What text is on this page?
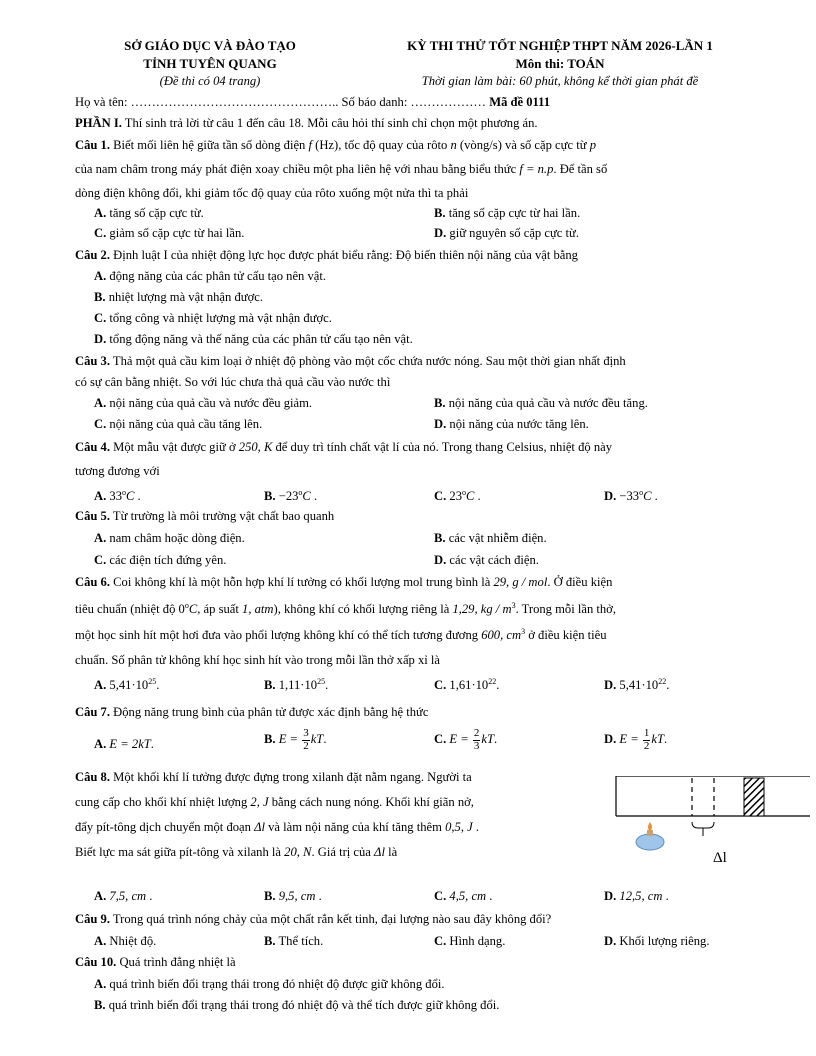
SỞ GIÁO DỤC VÀ ĐÀO TẠO
TỈNH TUYÊN QUANG
(Đề thi có 04 trang)
KỲ THI THỬ TỐT NGHIỆP THPT NĂM 2026-LẦN 1
Môn thi: TOÁN
Thời gian làm bài: 60 phút, không kể thời gian phát đề
Họ và tên: ………………………………………….. Số báo danh: ……………… Mã đề 0111
PHẦN I. Thí sinh trả lời từ câu 1 đến câu 18. Mỗi câu hỏi thí sinh chỉ chọn một phương án.
Câu 1. Biết mối liên hệ giữa tần số dòng điện f (Hz), tốc độ quay của rôto n (vòng/s) và số cặp cực từ p
của nam châm trong máy phát điện xoay chiều một pha liên hệ với nhau bằng biểu thức f = n.p. Để tần số
dòng điện không đổi, khi giảm tốc độ quay của rôto xuống một nửa thì ta phải
A. tăng số cặp cực từ.	B. tăng số cặp cực từ hai lần.
C. giảm số cặp cực từ hai lần.	D. giữ nguyên số cặp cực từ.
Câu 2. Định luật I của nhiệt động lực học được phát biểu rằng: Độ biến thiên nội năng của vật bằng
A. động năng của các phân tử cấu tạo nên vật.
B. nhiệt lượng mà vật nhận được.
C. tổng công và nhiệt lượng mà vật nhận được.
D. tổng động năng và thế năng của các phân tử cấu tạo nên vật.
Câu 3. Thả một quả cầu kim loại ở nhiệt độ phòng vào một cốc chứa nước nóng. Sau một thời gian nhất định
có sự cân bằng nhiệt. So với lúc chưa thả quả cầu vào nước thì
A. nội năng của quả cầu và nước đều giảm.	B. nội năng của quả cầu và nước đều tăng.
C. nội năng của quả cầu tăng lên.	D. nội năng của nước tăng lên.
Câu 4. Một mẫu vật được giữ ở 250, K để duy trì tính chất vật lí của nó. Trong thang Celsius, nhiệt độ này
tương đương với
A. 33$^o$C .	B. $-23^oC$ .	C. 23$^o$C .	D. $-33^oC$ .
Câu 5. Từ trường là môi trường vật chất bao quanh
A. nam châm hoặc dòng điện.	B. các vật nhiễm điện.
C. các điện tích đứng yên.	D. các vật cách điện.
Câu 6. Coi không khí là một hỗn hợp khí lí tưởng có khối lượng mol trung bình là 29, g / mol. Ở điều kiện
tiêu chuẩn (nhiệt độ 0$^o$C, áp suất 1, atm), không khí có khối lượng riêng là 1,29, kg / $m^3$. Trong mỗi lần thở,
một học sinh hít một hơi đưa vào phổi lượng không khí có thể tích tương đương 600, $cm^3$ ở điều kiện tiêu
chuẩn. Số phân tử không khí học sinh hít vào trong mỗi lần thở xấp xỉ là
A. $5,41\cdot 10^{25}$.	B. $1,11\cdot 10^{25}$.	C. $1,61\cdot 10^{22}$.	D. $5,41\cdot 10^{22}$.
Câu 7. Động năng trung bình của phân tử được xác định bằng hệ thức
A. E = 2kT.	B. $E = \frac{3}{2}$ kT.	C. $E = \frac{2}{3}$ kT.	D. $E = \frac{1}{2}$ kT.
Câu 8. Một khối khí lí tưởng được đựng trong xilanh đặt nằm ngang. Người ta
cung cấp cho khối khí nhiệt lượng 2, J bằng cách nung nóng. Khối khí giãn nở,
đẩy pít-tông dịch chuyển một đoạn Δl và làm nội năng của khí tăng thêm 0,5, J .
Biết lực ma sát giữa pít-tông và xilanh là 20, N. Giá trị của Δl là	Δl
A. 7,5, cm .	B. 9,5, cm .	C. 4,5, cm .	D. 12,5, cm .
Câu 9. Trong quá trình nóng chảy của một chất rắn kết tinh, đại lượng nào sau đây không đổi?
A. Nhiệt độ.	B. Thể tích.	C. Hình dạng.	D. Khối lượng riêng.
Câu 10. Quá trình đẳng nhiệt là
A. quá trình biến đổi trạng thái trong đó nhiệt độ được giữ không đổi.
B. quá trình biến đổi trạng thái trong đó nhiệt độ và thể tích được giữ không đổi.
